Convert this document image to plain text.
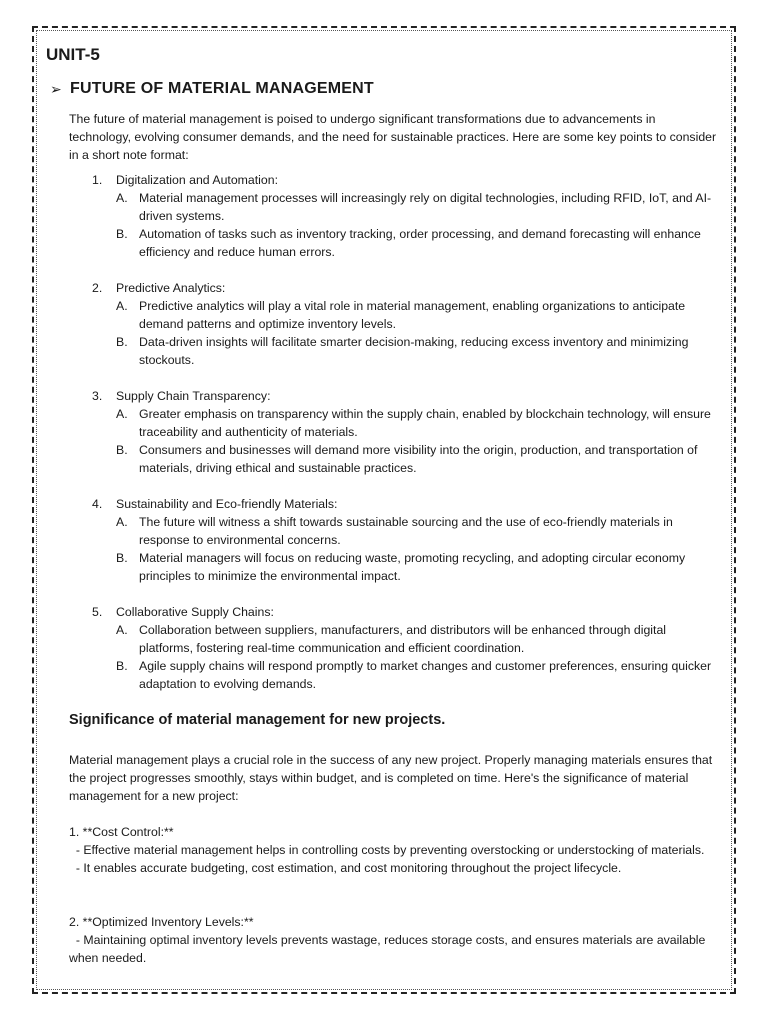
UNIT-5
➢ FUTURE OF MATERIAL MANAGEMENT

The future of material management is poised to undergo significant transformations due to advancements in technology, evolving consumer demands, and the need for sustainable practices. Here are some key points to consider in a short note format:

1.	Digitalization and Automation:
A. Material management processes will increasingly rely on digital technologies, including RFID, IoT, and AI-driven systems.
B. Automation of tasks such as inventory tracking, order processing, and demand forecasting will enhance efficiency and reduce human errors.
2.	Predictive Analytics:
A. Predictive analytics will play a vital role in material management, enabling organizations to anticipate demand patterns and optimize inventory levels.
B. Data-driven insights will facilitate smarter decision-making, reducing excess inventory and minimizing stockouts.
3.	Supply Chain Transparency:
A. Greater emphasis on transparency within the supply chain, enabled by blockchain technology, will ensure traceability and authenticity of materials.
B. Consumers and businesses will demand more visibility into the origin, production, and transportation of materials, driving ethical and sustainable practices.
4.	Sustainability and Eco-friendly Materials:
A. The future will witness a shift towards sustainable sourcing and the use of eco-friendly materials in response to environmental concerns.
B. Material managers will focus on reducing waste, promoting recycling, and adopting circular economy principles to minimize the environmental impact.
5.	Collaborative Supply Chains:
A. Collaboration between suppliers, manufacturers, and distributors will be enhanced through digital platforms, fostering real-time communication and efficient coordination.
B. Agile supply chains will respond promptly to market changes and customer preferences, ensuring quicker adaptation to evolving demands.
Significance of material management for new projects.

Material management plays a crucial role in the success of any new project. Properly managing materials ensures that the project progresses smoothly, stays within budget, and is completed on time. Here's the significance of material management for a new project:

1. **Cost Control:**
- Effective material management helps in controlling costs by preventing overstocking or understocking of materials.
- It enables accurate budgeting, cost estimation, and cost monitoring throughout the project lifecycle.
2. **Optimized Inventory Levels:**
- Maintaining optimal inventory levels prevents wastage, reduces storage costs, and ensures materials are available when needed.
